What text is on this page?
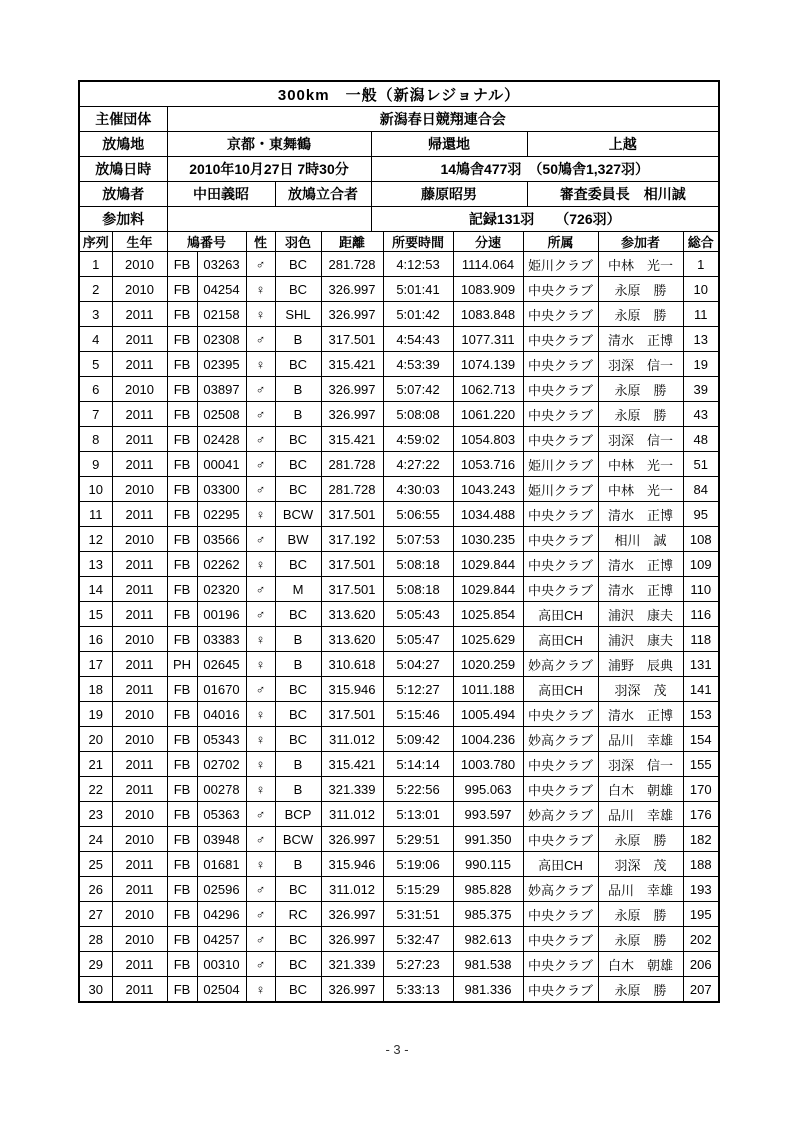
300km　一般（新潟レジョナル）				
主催団体	新潟春日競翔連合会			
放鳩地	京都・東舞鶴		帰還地	上越
放鳩日時	2010年10月27日 7時30分		14鳩舎477羽　（50鳩舎1,327羽）	
放鳩者	中田義昭	放鳩立合者	藤原昭男	審査委員長　相川誠
参加料			記録131羽　　（726羽）	
序列	生年	鳩番号		性	羽色	距離	所要時間	分速	所属	参加者	総合
1	2010	FB	03263	♂	BC	281.728	4:12:53	1114.064	姫川クラブ	中林　光一	1
2	2010	FB	04254	♀	BC	326.997	5:01:41	1083.909	中央クラブ	永原　勝	10
3	2011	FB	02158	♀	SHL	326.997	5:01:42	1083.848	中央クラブ	永原　勝	11
4	2011	FB	02308	♂	B	317.501	4:54:43	1077.311	中央クラブ	清水　正博	13
5	2011	FB	02395	♀	BC	315.421	4:53:39	1074.139	中央クラブ	羽深　信一	19
6	2010	FB	03897	♂	B	326.997	5:07:42	1062.713	中央クラブ	永原　勝	39
7	2011	FB	02508	♂	B	326.997	5:08:08	1061.220	中央クラブ	永原　勝	43
8	2011	FB	02428	♂	BC	315.421	4:59:02	1054.803	中央クラブ	羽深　信一	48
9	2011	FB	00041	♂	BC	281.728	4:27:22	1053.716	姫川クラブ	中林　光一	51
10	2010	FB	03300	♂	BC	281.728	4:30:03	1043.243	姫川クラブ	中林　光一	84
11	2011	FB	02295	♀	BCW	317.501	5:06:55	1034.488	中央クラブ	清水　正博	95
12	2010	FB	03566	♂	BW	317.192	5:07:53	1030.235	中央クラブ	相川　誠	108
13	2011	FB	02262	♀	BC	317.501	5:08:18	1029.844	中央クラブ	清水　正博	109
14	2011	FB	02320	♂	M	317.501	5:08:18	1029.844	中央クラブ	清水　正博	110
15	2011	FB	00196	♂	BC	313.620	5:05:43	1025.854	高田CH	浦沢　康夫	116
16	2010	FB	03383	♀	B	313.620	5:05:47	1025.629	高田CH	浦沢　康夫	118
17	2011	PH	02645	♀	B	310.618	5:04:27	1020.259	妙高クラブ	浦野　辰典	131
18	2011	FB	01670	♂	BC	315.946	5:12:27	1011.188	高田CH	羽深　茂	141
19	2010	FB	04016	♀	BC	317.501	5:15:46	1005.494	中央クラブ	清水　正博	153
20	2010	FB	05343	♀	BC	311.012	5:09:42	1004.236	妙高クラブ	品川　幸雄	154
21	2011	FB	02702	♀	B	315.421	5:14:14	1003.780	中央クラブ	羽深　信一	155
22	2011	FB	00278	♀	B	321.339	5:22:56	995.063	中央クラブ	白木　朝雄	170
23	2010	FB	05363	♂	BCP	311.012	5:13:01	993.597	妙高クラブ	品川　幸雄	176
24	2010	FB	03948	♂	BCW	326.997	5:29:51	991.350	中央クラブ	永原　勝	182
25	2011	FB	01681	♀	B	315.946	5:19:06	990.115	高田CH	羽深　茂	188
26	2011	FB	02596	♂	BC	311.012	5:15:29	985.828	妙高クラブ	品川　幸雄	193
27	2010	FB	04296	♂	RC	326.997	5:31:51	985.375	中央クラブ	永原　勝	195
28	2010	FB	04257	♂	BC	326.997	5:32:47	982.613	中央クラブ	永原　勝	202
29	2011	FB	00310	♂	BC	321.339	5:27:23	981.538	中央クラブ	白木　朝雄	206
30	2011	FB	02504	♀	BC	326.997	5:33:13	981.336	中央クラブ	永原　勝	207
- 3 -
